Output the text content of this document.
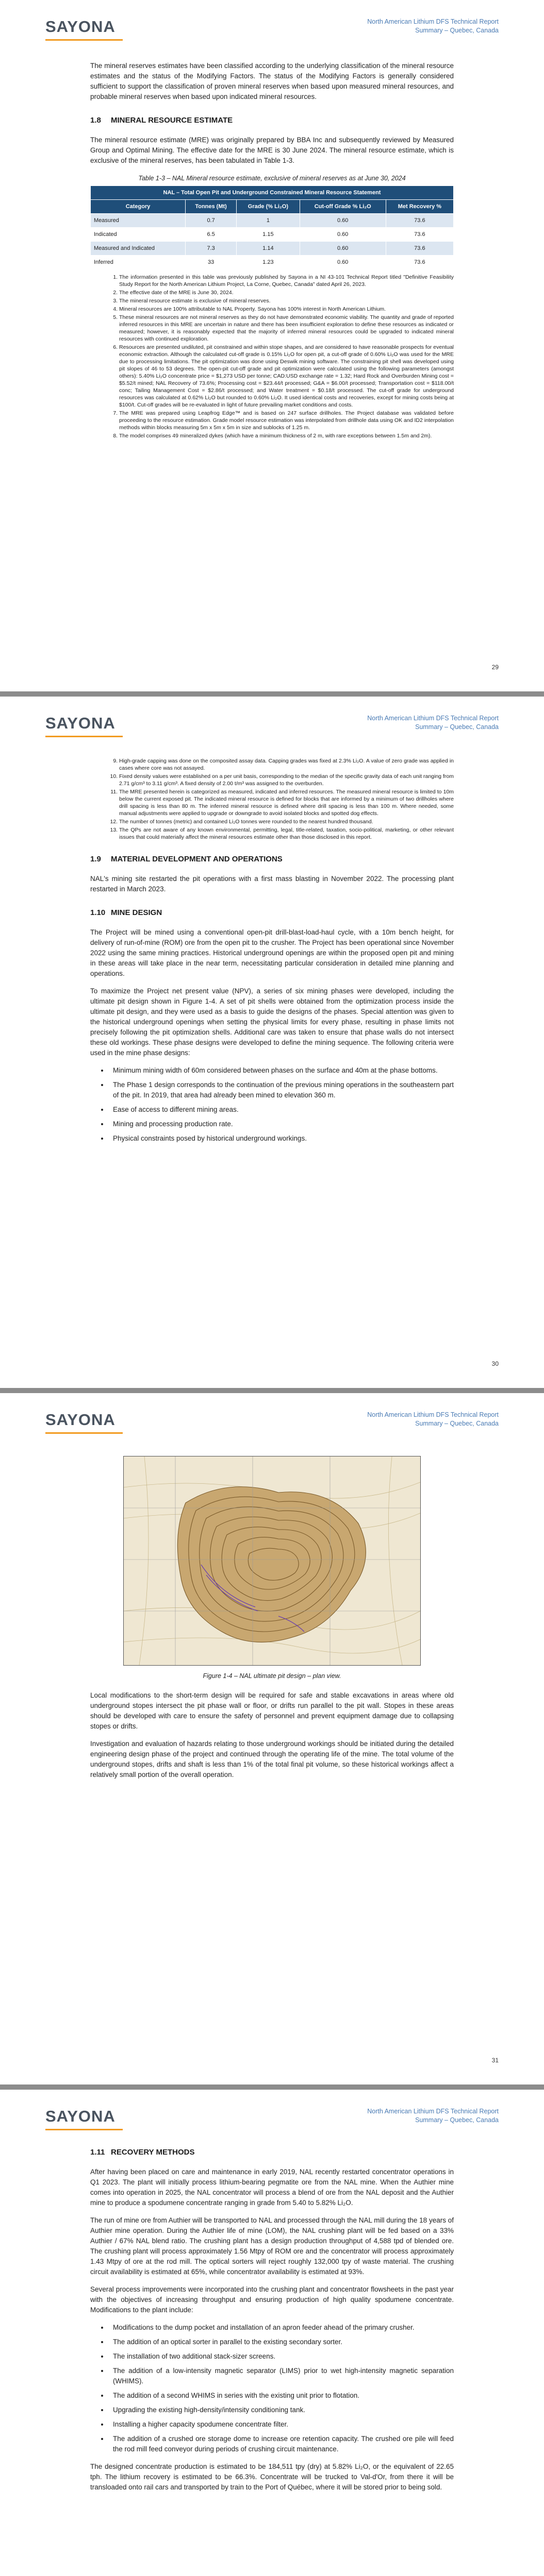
SAYONA	North American Lithium DFS Technical Report
Summary – Quebec, Canada

The mineral reserves estimates have been classified according to the underlying classification of the mineral resource estimates and the status of the Modifying Factors. The status of the Modifying Factors is generally considered sufficient to support the classification of proven mineral reserves when based upon measured mineral resources, and probable mineral reserves when based upon indicated mineral resources.

1.8 MINERAL RESOURCE ESTIMATE

The mineral resource estimate (MRE) was originally prepared by BBA Inc and subsequently reviewed by Measured Group and Optimal Mining. The effective date for the MRE is 30 June 2024. The mineral resource estimate, which is exclusive of the mineral reserves, has been tabulated in Table 1-3.

Table 1-3 – NAL Mineral resource estimate, exclusive of mineral reserves as at June 30, 2024
NAL – Total Open Pit and Underground Constrained Mineral Resource Statement				
Category	Tonnes (Mt)	Grade (% Li₂O)	Cut-off Grade % Li₂O	Met Recovery %
Measured	0.7	1	0.60	73.6
Indicated	6.5	1.15	0.60	73.6
Measured and Indicated	7.3	1.14	0.60	73.6
Inferred	33	1.23	0.60	73.6
1. The information presented in this table was previously published by Sayona in a NI 43-101 Technical Report titled "Definitive Feasibility Study Report for the North American Lithium Project, La Corne, Quebec, Canada" dated April 26, 2023.
2. The effective date of the MRE is June 30, 2024.
3. The mineral resource estimate is exclusive of mineral reserves.
4. Mineral resources are 100% attributable to NAL Property. Sayona has 100% interest in North American Lithium.
5. These mineral resources are not mineral reserves as they do not have demonstrated economic viability. The quantity and grade of reported inferred resources in this MRE are uncertain in nature and there has been insufficient exploration to define these resources as indicated or measured; however, it is reasonably expected that the majority of inferred mineral resources could be upgraded to indicated mineral resources with continued exploration.
6. Resources are presented undiluted, pit constrained and within stope shapes, and are considered to have reasonable prospects for eventual economic extraction. Although the calculated cut-off grade is 0.15% Li₂O for open pit, a cut-off grade of 0.60% Li₂O was used for the MRE due to processing limitations. The pit optimization was done using Deswik mining software. The constraining pit shell was developed using pit slopes of 46 to 53 degrees. The open-pit cut-off grade and pit optimization were calculated using the following parameters (amongst others): 5.40% Li₂O concentrate price = $1,273 USD per tonne; CAD:USD exchange rate = 1.32; Hard Rock and Overburden Mining cost = $5.52/t mined; NAL Recovery of 73.6%; Processing cost = $23.44/t processed; G&A = $6.00/t processed; Transportation cost = $118.00/t conc; Tailing Management Cost = $2.86/t processed; and Water treatment = $0.18/t processed. The cut-off grade for underground resources was calculated at 0.62% Li₂O but rounded to 0.60% Li₂O. It used identical costs and recoveries, except for mining costs being at $100/t. Cut-off grades will be re-evaluated in light of future prevailing market conditions and costs.
7. The MRE was prepared using Leapfrog Edge™ and is based on 247 surface drillholes. The Project database was validated before proceeding to the resource estimation. Grade model resource estimation was interpolated from drillhole data using OK and ID2 interpolation methods within blocks measuring 5m x 5m x 5m in size and sublocks of 1.25 m.
8. The model comprises 49 mineralized dykes (which have a minimum thickness of 2 m, with rare exceptions between 1.5m and 2m).
29
SAYONA	North American Lithium DFS Technical Report
Summary – Quebec, Canada
9. High-grade capping was done on the composited assay data. Capping grades was fixed at 2.3% Li₂O. A value of zero grade was applied in cases where core was not assayed.
10. Fixed density values were established on a per unit basis, corresponding to the median of the specific gravity data of each unit ranging from 2.71 g/cm³ to 3.11 g/cm³. A fixed density of 2.00 t/m³ was assigned to the overburden.
11. The MRE presented herein is categorized as measured, indicated and inferred resources. The measured mineral resource is limited to 10m below the current exposed pit. The indicated mineral resource is defined for blocks that are informed by a minimum of two drillholes where drill spacing is less than 80 m. The inferred mineral resource is defined where drill spacing is less than 100 m. Where needed, some manual adjustments were applied to upgrade or downgrade to avoid isolated blocks and spotted dog effects.
12. The number of tonnes (metric) and contained Li₂O tonnes were rounded to the nearest hundred thousand.
13. The QPs are not aware of any known environmental, permitting, legal, title-related, taxation, socio-political, marketing, or other relevant issues that could materially affect the mineral resources estimate other than those disclosed in this report.
1.9 MATERIAL DEVELOPMENT AND OPERATIONS

NAL's mining site restarted the pit operations with a first mass blasting in November 2022. The processing plant restarted in March 2023.

1.10 MINE DESIGN

The Project will be mined using a conventional open-pit drill-blast-load-haul cycle, with a 10m bench height, for delivery of run-of-mine (ROM) ore from the open pit to the crusher. The Project has been operational since November 2022 using the same mining practices. Historical underground openings are within the proposed open pit and mining in these areas will take place in the near term, necessitating particular consideration in detailed mine planning and operations.

To maximize the Project net present value (NPV), a series of six mining phases were developed, including the ultimate pit design shown in Figure 1-4. A set of pit shells were obtained from the optimization process inside the ultimate pit design, and they were used as a basis to guide the designs of the phases. Special attention was given to the historical underground openings when setting the physical limits for every phase, resulting in phase limits not precisely following the pit optimization shells. Additional care was taken to ensure that phase walls do not intersect these old workings. These phase designs were developed to define the mining sequence. The following criteria were used in the mine phase designs:

• Minimum mining width of 60m considered between phases on the surface and 40m at the phase bottoms.
• The Phase 1 design corresponds to the continuation of the previous mining operations in the southeastern part of the pit. In 2019, that area had already been mined to elevation 360 m.
• Ease of access to different mining areas.
• Mining and processing production rate.
• Physical constraints posed by historical underground workings.
30
SAYONA	North American Lithium DFS Technical Report
Summary – Quebec, Canada
Figure 1-4 – NAL ultimate pit design – plan view.

Local modifications to the short-term design will be required for safe and stable excavations in areas where old underground stopes intersect the pit phase wall or floor, or drifts run parallel to the pit wall. Stopes in these areas should be developed with care to ensure the safety of personnel and prevent equipment damage due to collapsing stopes or drifts.

Investigation and evaluation of hazards relating to those underground workings should be initiated during the detailed engineering design phase of the project and continued through the operating life of the mine. The total volume of the underground stopes, drifts and shaft is less than 1% of the total final pit volume, so these historical workings affect a relatively small portion of the overall operation.

31
SAYONA	North American Lithium DFS Technical Report
Summary – Quebec, Canada
1.11 RECOVERY METHODS

After having been placed on care and maintenance in early 2019, NAL recently restarted concentrator operations in Q1 2023. The plant will initially process lithium-bearing pegmatite ore from the NAL mine. When the Authier mine comes into operation in 2025, the NAL concentrator will process a blend of ore from the NAL deposit and the Authier mine to produce a spodumene concentrate ranging in grade from 5.40 to 5.82% Li₂O.

The run of mine ore from Authier will be transported to NAL and processed through the NAL mill during the 18 years of Authier mine operation. During the Authier life of mine (LOM), the NAL crushing plant will be fed based on a 33% Authier / 67% NAL blend ratio. The crushing plant has a design production throughput of 4,588 tpd of blended ore. The crushing plant will process approximately 1.56 Mtpy of ROM ore and the concentrator will process approximately 1.43 Mtpy of ore at the rod mill. The optical sorters will reject roughly 132,000 tpy of waste material. The crushing circuit availability is estimated at 65%, while concentrator availability is estimated at 93%.

Several process improvements were incorporated into the crushing plant and concentrator flowsheets in the past year with the objectives of increasing throughput and ensuring production of high quality spodumene concentrate. Modifications to the plant include:

• Modifications to the dump pocket and installation of an apron feeder ahead of the primary crusher.
• The addition of an optical sorter in parallel to the existing secondary sorter.
• The installation of two additional stack-sizer screens.
• The addition of a low-intensity magnetic separator (LIMS) prior to wet high-intensity magnetic separation (WHIMS).
• The addition of a second WHIMS in series with the existing unit prior to flotation.
• Upgrading the existing high-density/intensity conditioning tank.
• Installing a higher capacity spodumene concentrate filter.
• The addition of a crushed ore storage dome to increase ore retention capacity. The crushed ore pile will feed the rod mill feed conveyor during periods of crushing circuit maintenance.

The designed concentrate production is estimated to be 184,511 tpy (dry) at 5.82% Li₂O, or the equivalent of 22.65 tph. The lithium recovery is estimated to be 66.3%. Concentrate will be trucked to Val-d'Or, from there it will be transloaded onto rail cars and transported by train to the Port of Québec, where it will be stored prior to being sold.
